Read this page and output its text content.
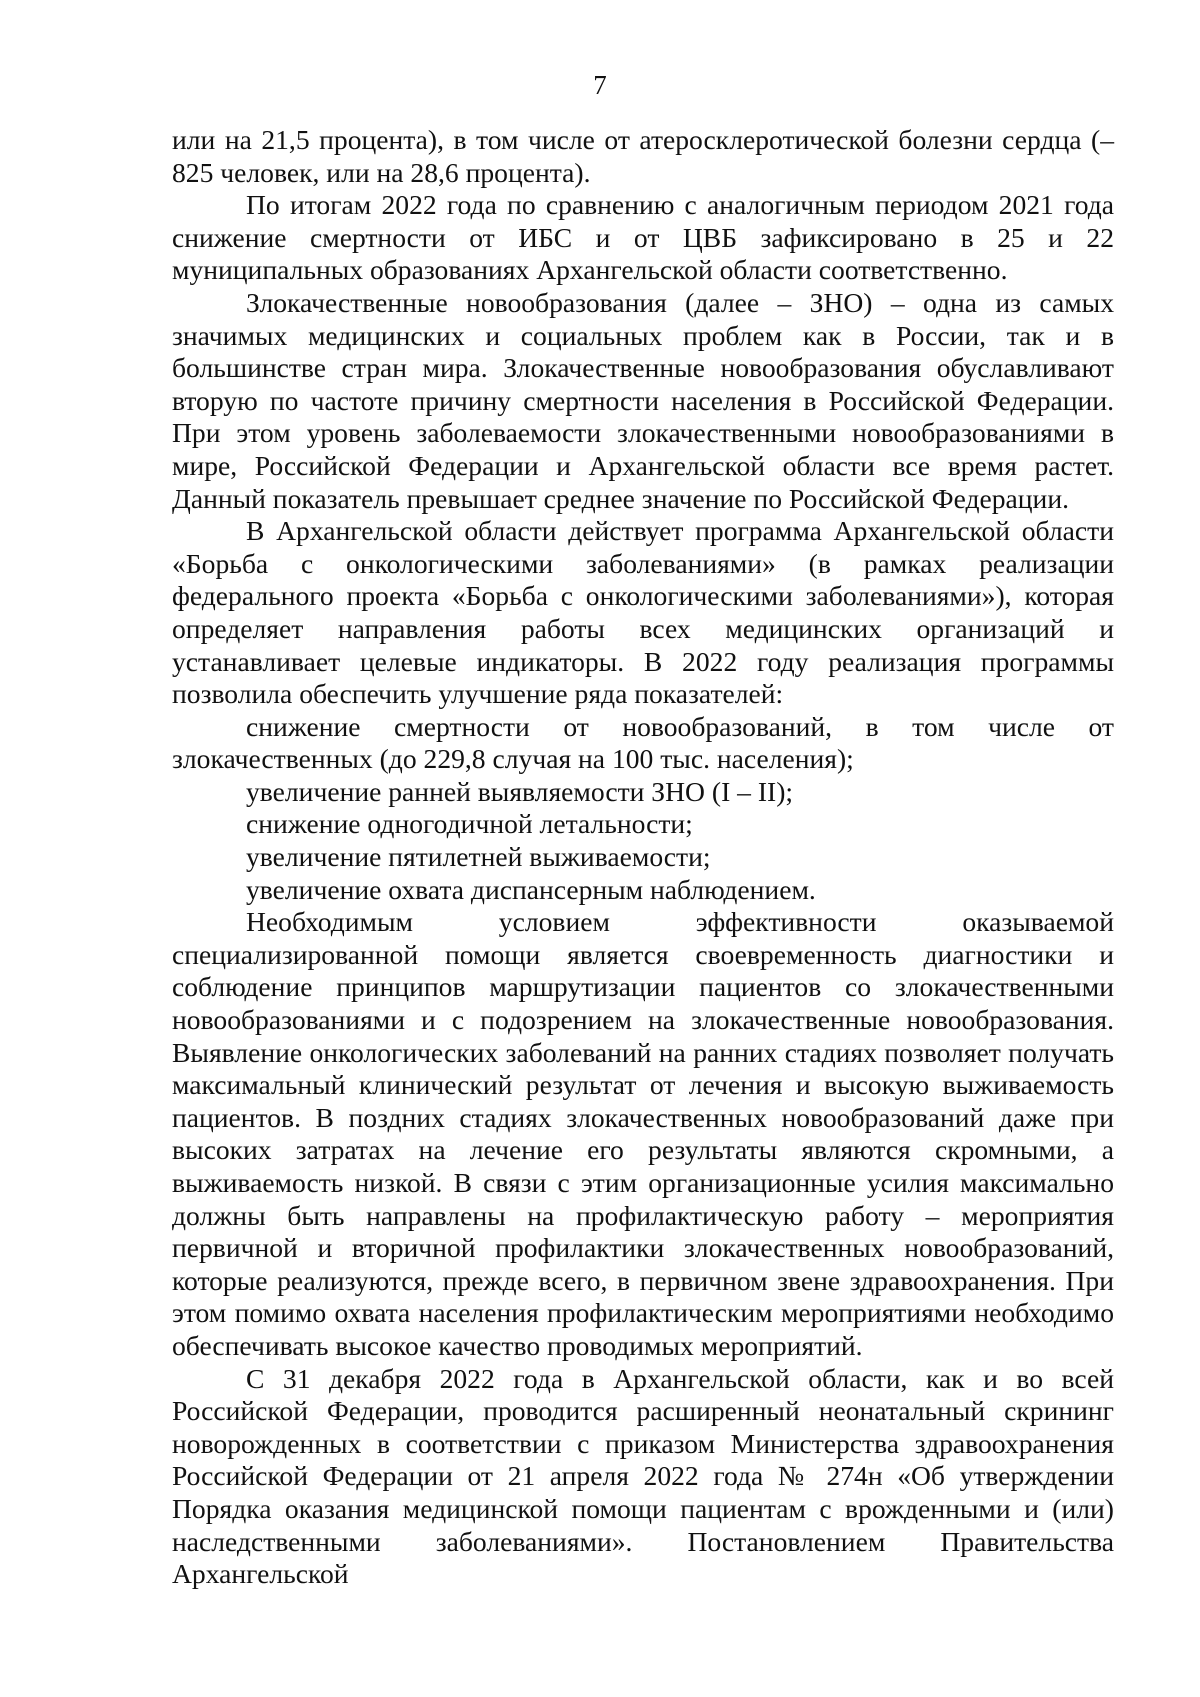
7

или на 21,5 процента), в том числе от атеросклеротической болезни сердца (– 825 человек, или на 28,6 процента).

По итогам 2022 года по сравнению с аналогичным периодом 2021 года снижение смертности от ИБС и от ЦВБ зафиксировано в 25 и 22 муниципальных образованиях Архангельской области соответственно.

Злокачественные новообразования (далее – ЗНО) – одна из самых значимых медицинских и социальных проблем как в России, так и в большинстве стран мира. Злокачественные новообразования обуславливают вторую по частоте причину смертности населения в Российской Федерации. При этом уровень заболеваемости злокачественными новообразованиями в мире, Российской Федерации и Архангельской области все время растет. Данный показатель превышает среднее значение по Российской Федерации.

В Архангельской области действует программа Архангельской области «Борьба с онкологическими заболеваниями» (в рамках реализации федерального проекта «Борьба с онкологическими заболеваниями»), которая определяет направления работы всех медицинских организаций и устанавливает целевые индикаторы. В 2022 году реализация программы позволила обеспечить улучшение ряда показателей:

снижение смертности от новообразований, в том числе от злокачественных (до 229,8 случая на 100 тыс. населения);

увеличение ранней выявляемости ЗНО (I – II);

снижение одногодичной летальности;

увеличение пятилетней выживаемости;

увеличение охвата диспансерным наблюдением.

Необходимым условием эффективности оказываемой специализированной помощи является своевременность диагностики и соблюдение принципов маршрутизации пациентов со злокачественными новообразованиями и с подозрением на злокачественные новообразования. Выявление онкологических заболеваний на ранних стадиях позволяет получать максимальный клинический результат от лечения и высокую выживаемость пациентов. В поздних стадиях злокачественных новообразований даже при высоких затратах на лечение его результаты являются скромными, а выживаемость низкой. В связи с этим организационные усилия максимально должны быть направлены на профилактическую работу – мероприятия первичной и вторичной профилактики злокачественных новообразований, которые реализуются, прежде всего, в первичном звене здравоохранения. При этом помимо охвата населения профилактическим мероприятиями необходимо обеспечивать высокое качество проводимых мероприятий.

С 31 декабря 2022 года в Архангельской области, как и во всей Российской Федерации, проводится расширенный неонатальный скрининг новорожденных в соответствии с приказом Министерства здравоохранения Российской Федерации от 21 апреля 2022 года № 274н «Об утверждении Порядка оказания медицинской помощи пациентам с врожденными и (или) наследственными заболеваниями». Постановлением Правительства Архангельской
